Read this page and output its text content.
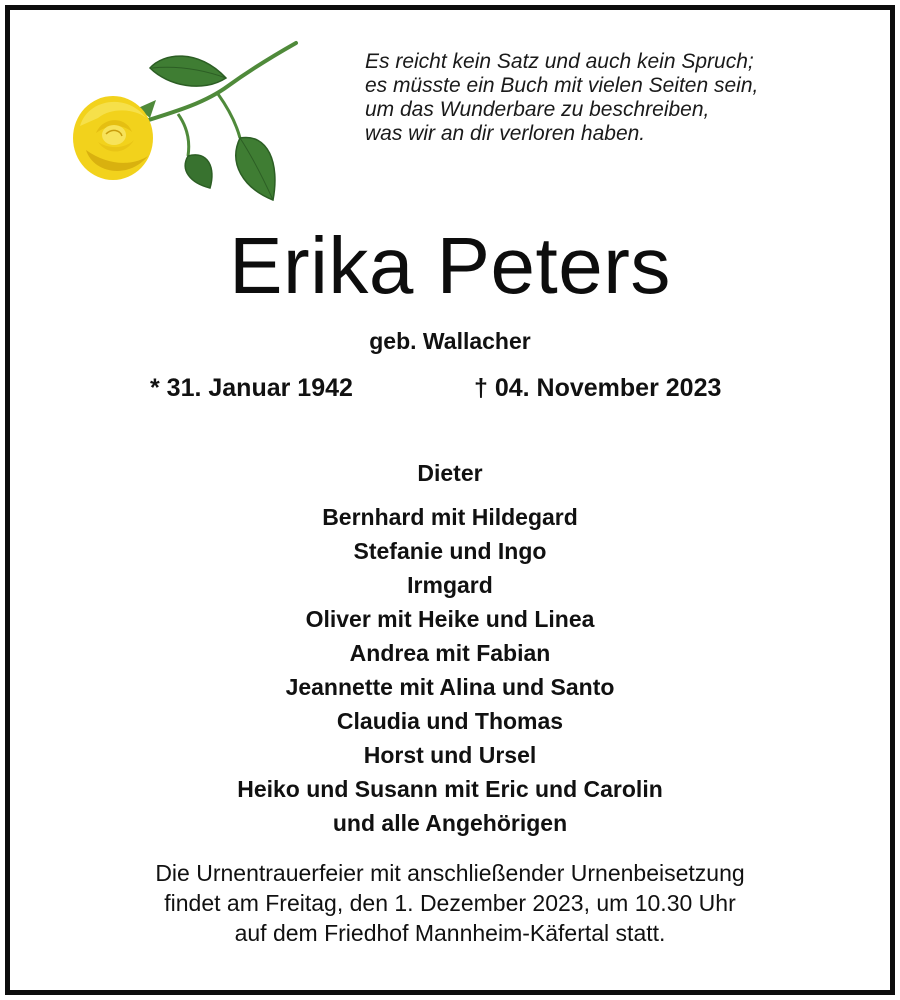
Es reicht kein Satz und auch kein Spruch;
es müsste ein Buch mit vielen Seiten sein,
um das Wunderbare zu beschreiben,
was wir an dir verloren haben.
Erika Peters
geb. Wallacher
* 31. Januar 1942	† 04. November 2023
Dieter
Bernhard mit Hildegard
Stefanie und Ingo
Irmgard
Oliver mit Heike und Linea
Andrea mit Fabian
Jeannette mit Alina und Santo
Claudia und Thomas
Horst und Ursel
Heiko und Susann mit Eric und Carolin
und alle Angehörigen
Die Urnentrauerfeier mit anschließender Urnenbeisetzung
findet am Freitag, den 1. Dezember 2023, um 10.30 Uhr
auf dem Friedhof Mannheim-Käfertal statt.
